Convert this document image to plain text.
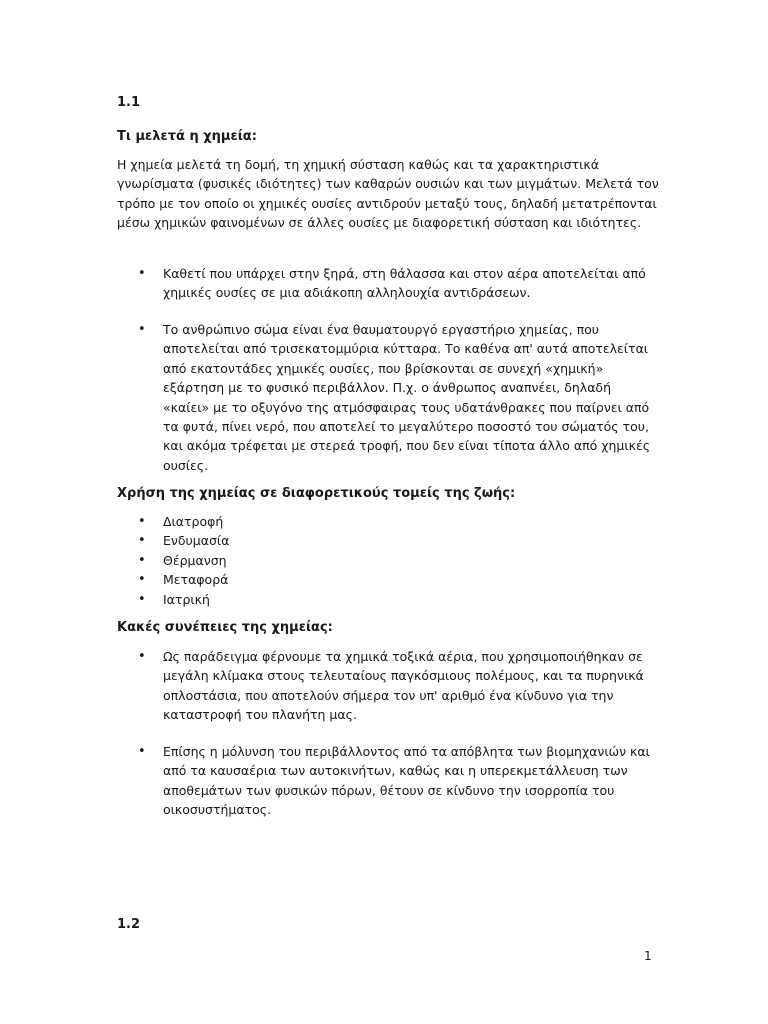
1.1
Τι μελετά η χημεία:

Η χημεία μελετά τη δομή, τη χημική σύσταση καθώς και τα χαρακτηριστικά γνωρίσματα (φυσικές ιδιότητες) των καθαρών ουσιών και των μιγμάτων. Μελετά τον τρόπο με τον οποίο οι χημικές ουσίες αντιδρούν μεταξύ τους, δηλαδή μετατρέπονται μέσω χημικών φαινομένων σε άλλες ουσίες με διαφορετική σύσταση και ιδιότητες.

• Καθετί που υπάρχει στην ξηρά, στη θάλασσα και στον αέρα αποτελείται από χημικές ουσίες σε μια αδιάκοπη αλληλουχία αντιδράσεων.
• Το ανθρώπινο σώμα είναι ένα θαυματουργό εργαστήριο χημείας, που αποτελείται από τρισεκατομμύρια κύτταρα. Το καθένα απ' αυτά αποτελείται από εκατοντάδες χημικές ουσίες, που βρίσκονται σε συνεχή «χημική» εξάρτηση με το φυσικό περιβάλλον. Π.χ. ο άνθρωπος αναπνέει, δηλαδή «καίει» με το οξυγόνο της ατμόσφαιρας τους υδατάνθρακες που παίρνει από τα φυτά, πίνει νερό, που αποτελεί το μεγαλύτερο ποσοστό του σώματός του, και ακόμα τρέφεται με στερεά τροφή, που δεν είναι τίποτα άλλο από χημικές ουσίες.
Χρήση της χημείας σε διαφορετικούς τομείς της ζωής:
• Διατροφή
• Ενδυμασία
• Θέρμανση
• Μεταφορά
• Ιατρική
Κακές συνέπειες της χημείας:
• Ως παράδειγμα φέρνουμε τα χημικά τοξικά αέρια, που χρησιμοποιήθηκαν σε μεγάλη κλίμακα στους τελευταίους παγκόσμιους πολέμους, και τα πυρηνικά οπλοστάσια, που αποτελούν σήμερα τον υπ' αριθμό ένα κίνδυνο για την καταστροφή του πλανήτη μας.
• Επίσης η μόλυνση του περιβάλλοντος από τα απόβλητα των βιομηχανιών και από τα καυσαέρια των αυτοκινήτων, καθώς και η υπερεκμετάλλευση των αποθεμάτων των φυσικών πόρων, θέτουν σε κίνδυνο την ισορροπία του οικοσυστήματος.
1.2
1
